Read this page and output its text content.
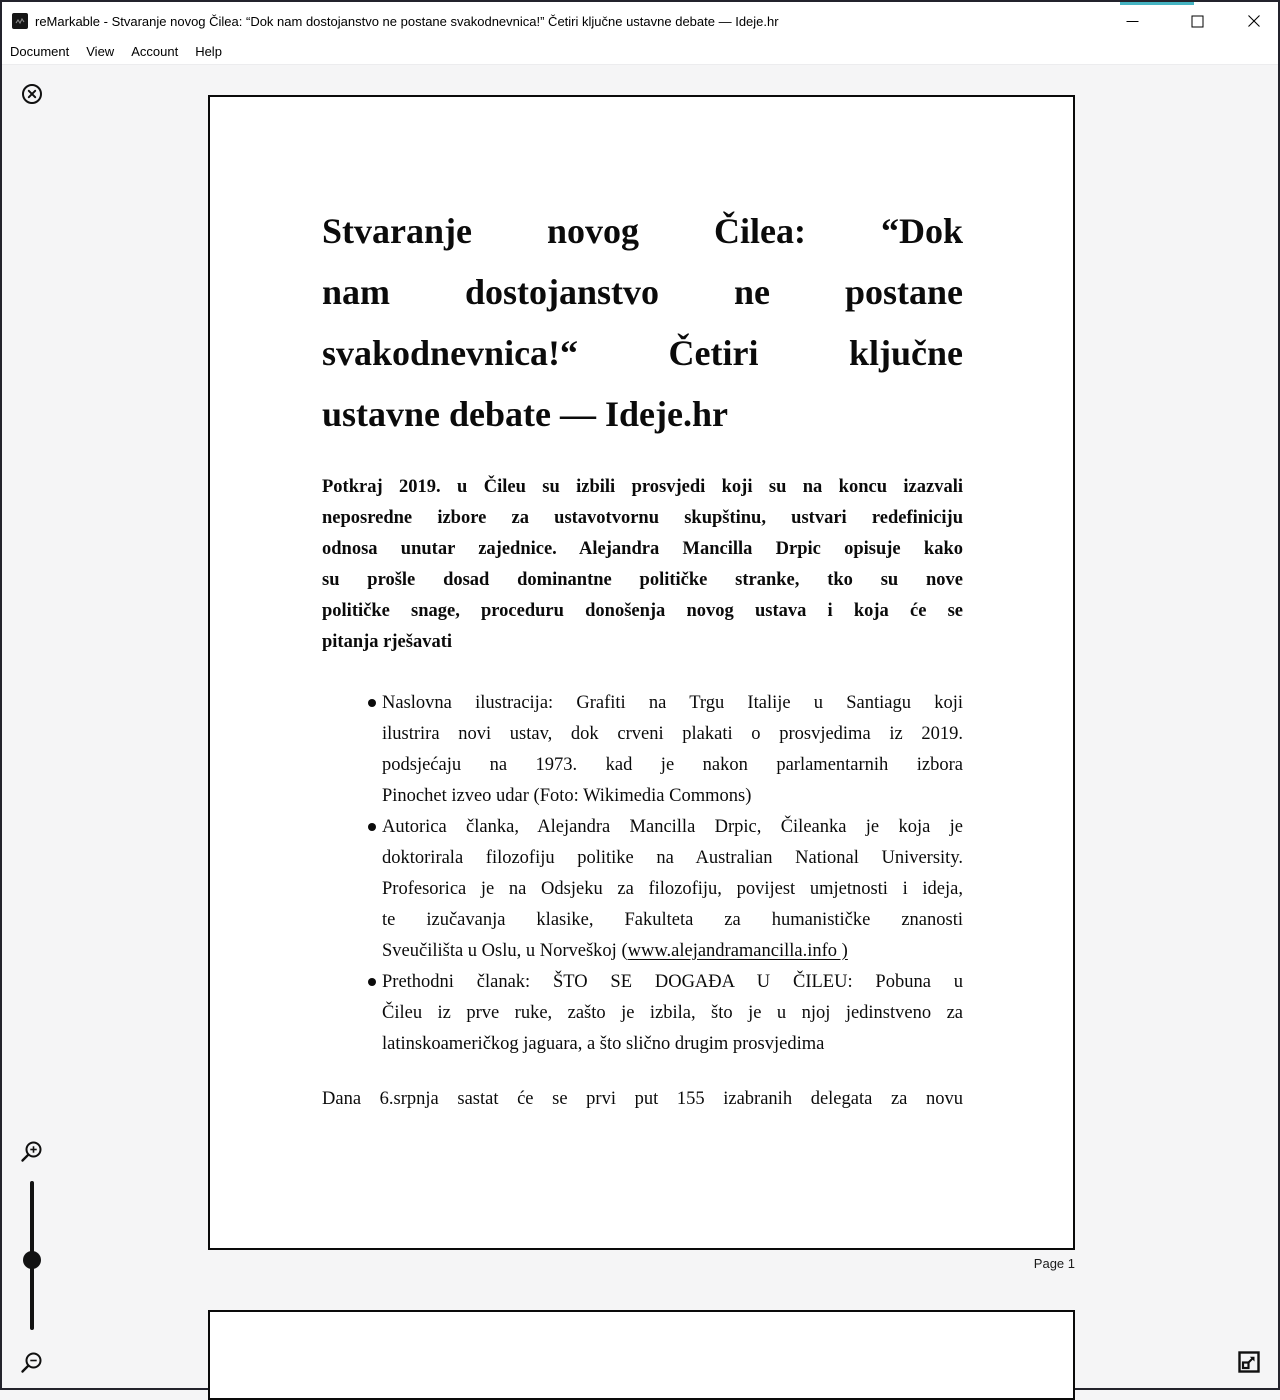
reMarkable - Stvaranje novog Čilea: “Dok nam dostojanstvo ne postane svakodnevnica!” Četiri ključne ustavne debate — Ideje.hr
Document	View	Account	Help
Stvaranje novog Čilea: “Dok
nam dostojanstvo ne postane
svakodnevnica!“ Četiri ključne
ustavne debate — Ideje.hr
Potkraj 2019. u Čileu su izbili prosvjedi koji su na koncu izazvali
neposredne izbore za ustavotvornu skupštinu, ustvari redefiniciju
odnosa unutar zajednice. Alejandra Mancilla Drpic opisuje kako
su prošle dosad dominantne političke stranke, tko su nove
političke snage, proceduru donošenja novog ustava i koja će se
pitanja rješavati
Naslovna ilustracija: Grafiti na Trgu Italije u Santiagu koji
ilustrira novi ustav, dok crveni plakati o prosvjedima iz 2019.
podsjećaju na 1973. kad je nakon parlamentarnih izbora
Pinochet izveo udar (Foto: Wikimedia Commons)
Autorica članka, Alejandra Mancilla Drpic, Čileanka je koja je
doktorirala filozofiju politike na Australian National University.
Profesorica je na Odsjeku za filozofiju, povijest umjetnosti i ideja,
te izučavanja klasike, Fakulteta za humanističke znanosti
Sveučilišta u Oslu, u Norveškoj (www.alejandramancilla.info )
Prethodni članak: ŠTO SE DOGAĐA U ČILEU: Pobuna u
Čileu iz prve ruke, zašto je izbila, što je u njoj jedinstveno za
latinskoameričkog jaguara, a što slično drugim prosvjedima
Dana 6.srpnja sastat će se prvi put 155 izabranih delegata za novu
Page 1
